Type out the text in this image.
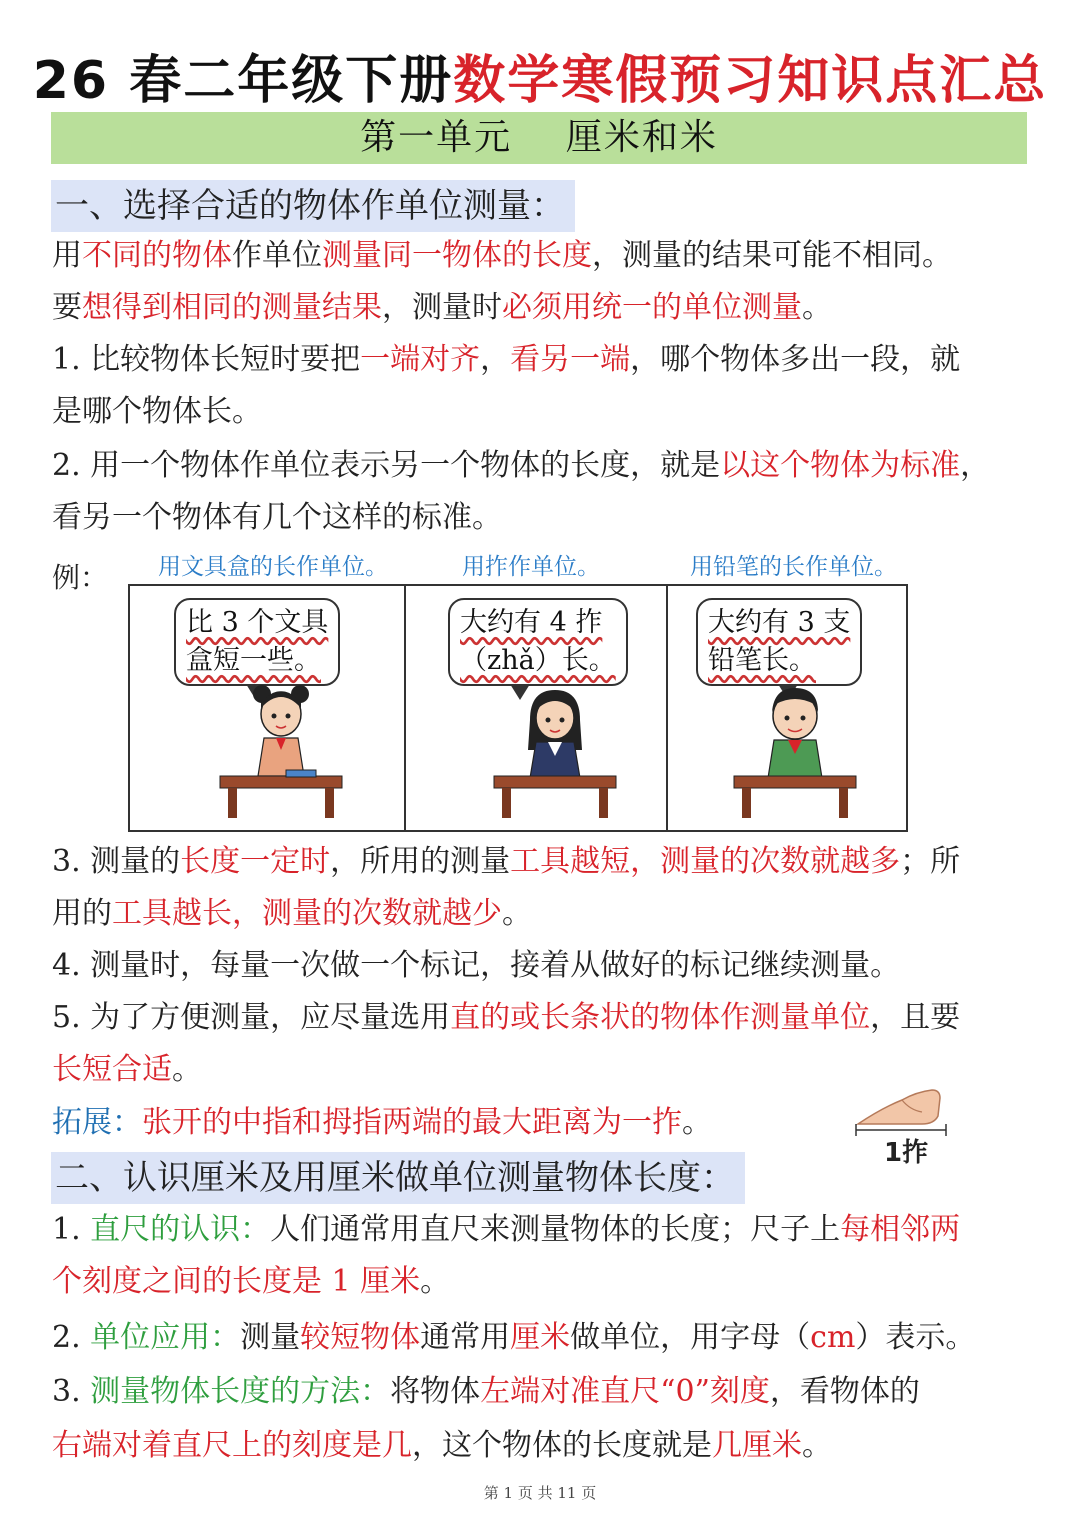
26 春二年级下册数学寒假预习知识点汇总
第一单元    厘米和米
一、选择合适的物体作单位测量：
用不同的物体作单位测量同一物体的长度，测量的结果可能不相同。
要想得到相同的测量结果，测量时必须用统一的单位测量。
1. 比较物体长短时要把一端对齐，看另一端，哪个物体多出一段，就
是哪个物体长。
2. 用一个物体作单位表示另一个物体的长度，就是以这个物体为标准，
看另一个物体有几个这样的标准。
例： 用文具盒的长作单位。	用拃作单位。	用铅笔的长作单位。
比 3 个文具
盒短一些。
大约有 4 拃
（zhǎ）长。
大约有 3 支
铅笔长。
3. 测量的长度一定时，所用的测量工具越短，测量的次数就越多；所
用的工具越长，测量的次数就越少。
4. 测量时，每量一次做一个标记，接着从做好的标记继续测量。
5. 为了方便测量，应尽量选用直的或长条状的物体作测量单位，且要
长短合适。
拓展：张开的中指和拇指两端的最大距离为一拃。
1拃
二、认识厘米及用厘米做单位测量物体长度：
1. 直尺的认识：人们通常用直尺来测量物体的长度；尺子上每相邻两
个刻度之间的长度是 1 厘米。
2. 单位应用：测量较短物体通常用厘米做单位，用字母（cm）表示。
3. 测量物体长度的方法：将物体左端对准直尺“0”刻度，看物体的
右端对着直尺上的刻度是几，这个物体的长度就是几厘米。
第 1 页 共 11 页
